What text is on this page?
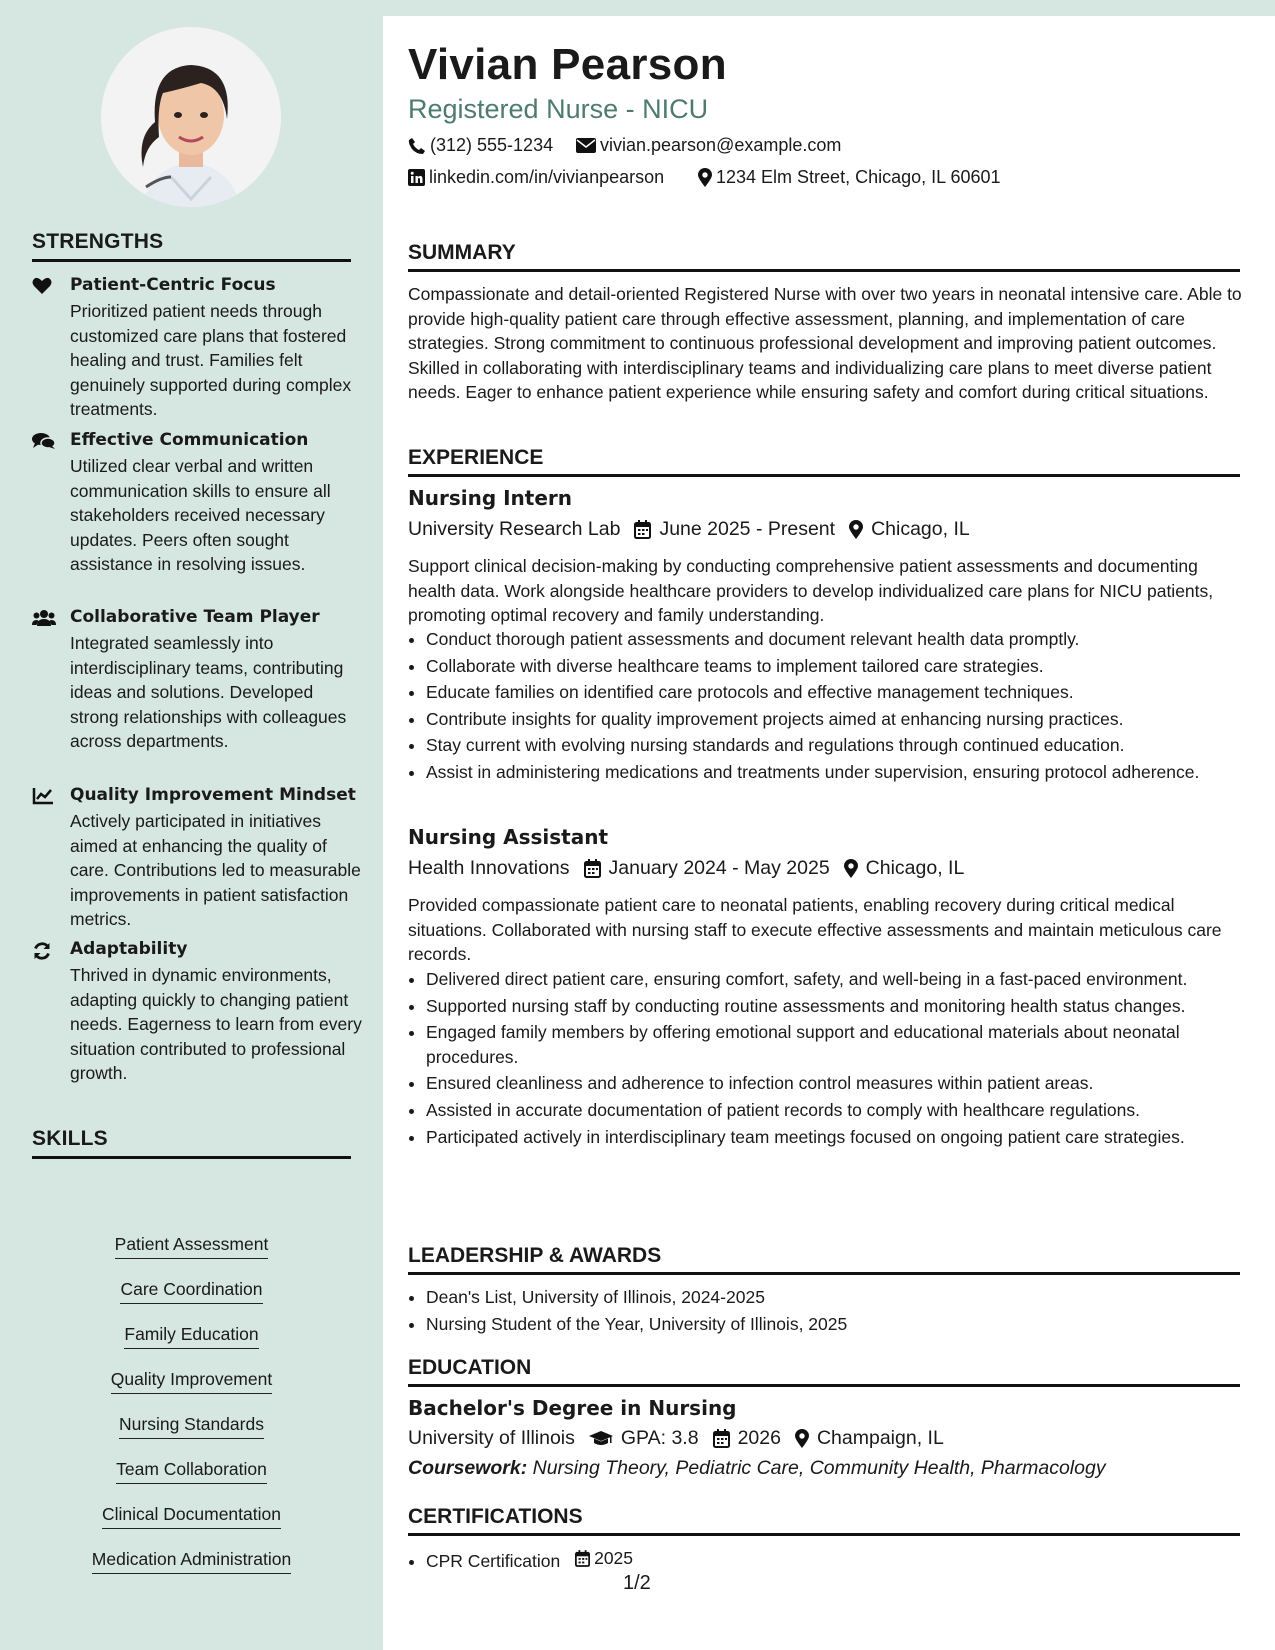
STRENGTHS
Patient-Centric Focus
Prioritized patient needs through customized care plans that fostered healing and trust. Families felt genuinely supported during complex treatments.
Effective Communication
Utilized clear verbal and written communication skills to ensure all stakeholders received necessary updates. Peers often sought assistance in resolving issues.
Collaborative Team Player
Integrated seamlessly into interdisciplinary teams, contributing ideas and solutions. Developed strong relationships with colleagues across departments.
Quality Improvement Mindset
Actively participated in initiatives aimed at enhancing the quality of care. Contributions led to measurable improvements in patient satisfaction metrics.
Adaptability
Thrived in dynamic environments, adapting quickly to changing patient needs. Eagerness to learn from every situation contributed to professional growth.
SKILLS
Patient Assessment
Care Coordination
Family Education
Quality Improvement
Nursing Standards
Team Collaboration
Clinical Documentation
Medication Administration
Vivian Pearson
Registered Nurse - NICU
(312) 555-1234	vivian.pearson@example.com
linkedin.com/in/vivianpearson	1234 Elm Street, Chicago, IL 60601
SUMMARY
Compassionate and detail-oriented Registered Nurse with over two years in neonatal intensive care. Able to provide high-quality patient care through effective assessment, planning, and implementation of care strategies. Strong commitment to continuous professional development and improving patient outcomes. Skilled in collaborating with interdisciplinary teams and individualizing care plans to meet diverse patient needs. Eager to enhance patient experience while ensuring safety and comfort during critical situations.
EXPERIENCE
Nursing Intern
University Research Lab June 2025 - Present Chicago, IL
Support clinical decision-making by conducting comprehensive patient assessments and documenting health data. Work alongside healthcare providers to develop individualized care plans for NICU patients, promoting optimal recovery and family understanding.
• Conduct thorough patient assessments and document relevant health data promptly.
• Collaborate with diverse healthcare teams to implement tailored care strategies.
• Educate families on identified care protocols and effective management techniques.
• Contribute insights for quality improvement projects aimed at enhancing nursing practices.
• Stay current with evolving nursing standards and regulations through continued education.
• Assist in administering medications and treatments under supervision, ensuring protocol adherence.
Nursing Assistant
Health Innovations January 2024 - May 2025 Chicago, IL
Provided compassionate patient care to neonatal patients, enabling recovery during critical medical situations. Collaborated with nursing staff to execute effective assessments and maintain meticulous care records.
• Delivered direct patient care, ensuring comfort, safety, and well-being in a fast-paced environment.
• Supported nursing staff by conducting routine assessments and monitoring health status changes.
• Engaged family members by offering emotional support and educational materials about neonatal procedures.
• Ensured cleanliness and adherence to infection control measures within patient areas.
• Assisted in accurate documentation of patient records to comply with healthcare regulations.
• Participated actively in interdisciplinary team meetings focused on ongoing patient care strategies.
LEADERSHIP & AWARDS
• Dean's List, University of Illinois, 2024-2025
• Nursing Student of the Year, University of Illinois, 2025
EDUCATION
Bachelor's Degree in Nursing
University of Illinois GPA: 3.8 2026 Champaign, IL
Coursework: Nursing Theory, Pediatric Care, Community Health, Pharmacology
CERTIFICATIONS
• CPR Certification 2025
1/2
